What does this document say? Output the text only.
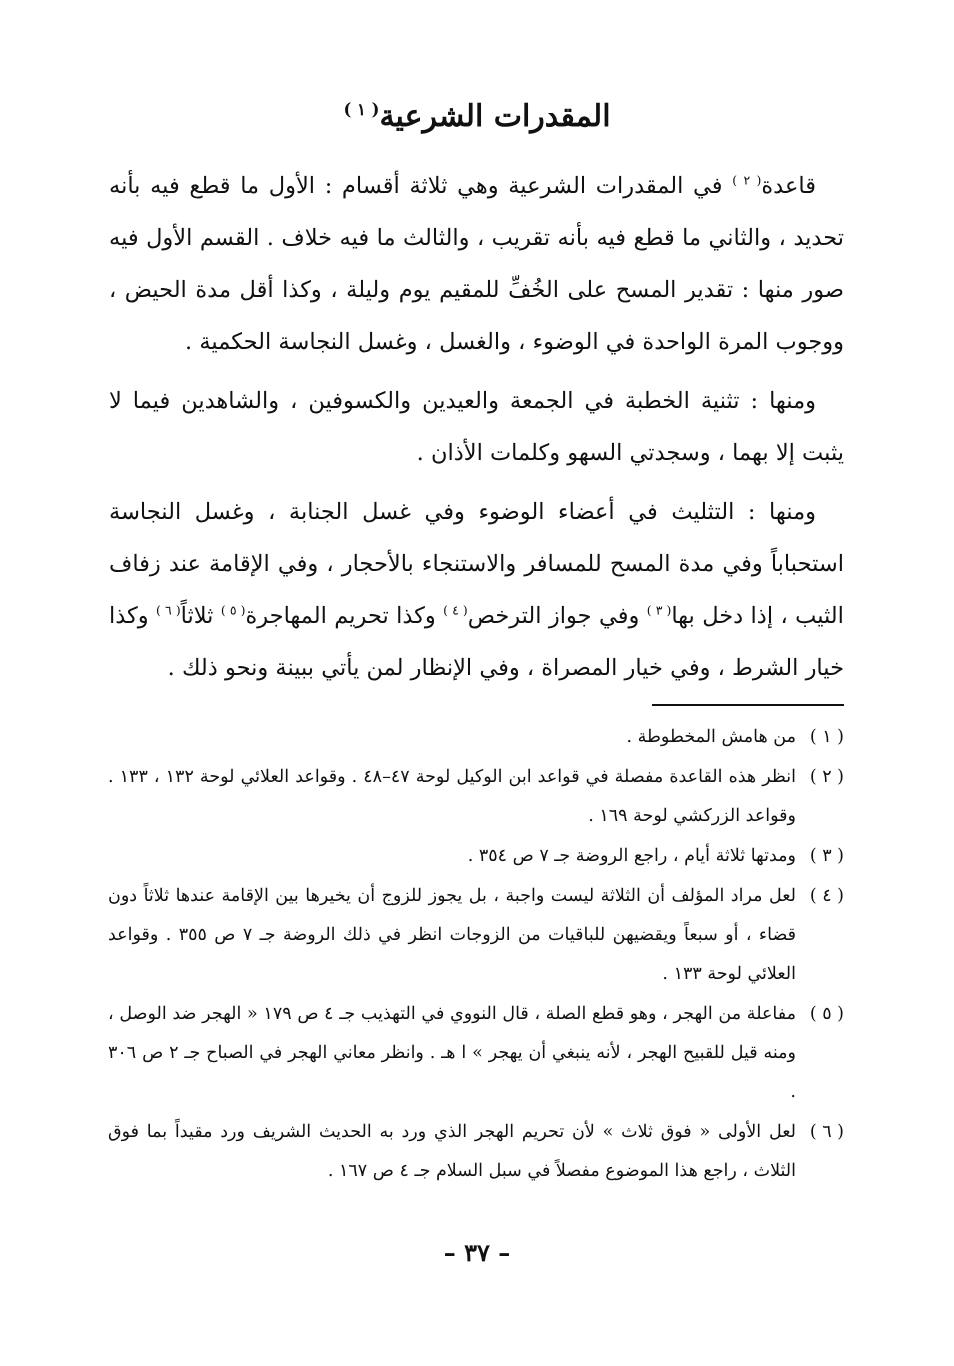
المقدرات الشرعية$^{( ١ )}$

قاعدة$^{( ٢ )}$ في المقدرات الشرعية وهي ثلاثة أقسام : الأول ما قطع فيه بأنه تحديد ، والثاني ما قطع فيه بأنه تقريب ، والثالث ما فيه خلاف . القسم الأول فيه صور منها : تقدير المسح على الخُفِّ للمقيم يوم وليلة ، وكذا أقل مدة الحيض ، ووجوب المرة الواحدة في الوضوء ، والغسل ، وغسل النجاسة الحكمية .

ومنها : تثنية الخطبة في الجمعة والعيدين والكسوفين ، والشاهدين فيما لا يثبت إلا بهما ، وسجدتي السهو وكلمات الأذان .

ومنها : التثليث في أعضاء الوضوء وفي غسل الجنابة ، وغسل النجاسة استحباباً وفي مدة المسح للمسافر والاستنجاء بالأحجار ، وفي الإقامة عند زفاف الثيب ، إذا دخل بها$^{( ٣ )}$ وفي جواز الترخص$^{( ٤ )}$ وكذا تحريم المهاجرة$^{( ٥ )}$ ثلاثاً$^{( ٦ )}$ وكذا خيار الشرط ، وفي خيار المصراة ، وفي الإنظار لمن يأتي ببينة ونحو ذلك .

( ١ )
من هامش المخطوطة .

( ٢ )
انظر هذه القاعدة مفصلة في قواعد ابن الوكيل لوحة ٤٧–٤٨ . وقواعد العلائي لوحة ١٣٢ ، ١٣٣ . وقواعد الزركشي لوحة ١٦٩ .

( ٣ )
ومدتها ثلاثة أيام ، راجع الروضة جـ ٧ ص ٣٥٤ .

( ٤ )
لعل مراد المؤلف أن الثلاثة ليست واجبة ، بل يجوز للزوج أن يخيرها بين الإقامة عندها ثلاثاً دون قضاء ، أو سبعاً ويقضيهن للباقيات من الزوجات انظر في ذلك الروضة جـ ٧ ص ٣٥٥ . وقواعد العلائي لوحة ١٣٣ .

( ٥ )
مفاعلة من الهجر ، وهو قطع الصلة ، قال النووي في التهذيب جـ ٤ ص ١٧٩ « الهجر ضد الوصل ، ومنه قيل للقبيح الهجر ، لأنه ينبغي أن يهجر » ا هـ . وانظر معاني الهجر في الصباح جـ ٢ ص ٣٠٦ .

( ٦ )
لعل الأولى « فوق ثلاث » لأن تحريم الهجر الذي ورد به الحديث الشريف ورد مقيداً بما فوق الثلاث ، راجع هذا الموضوع مفصلاً في سبل السلام جـ ٤ ص ١٦٧ .

– ٣٧ –
